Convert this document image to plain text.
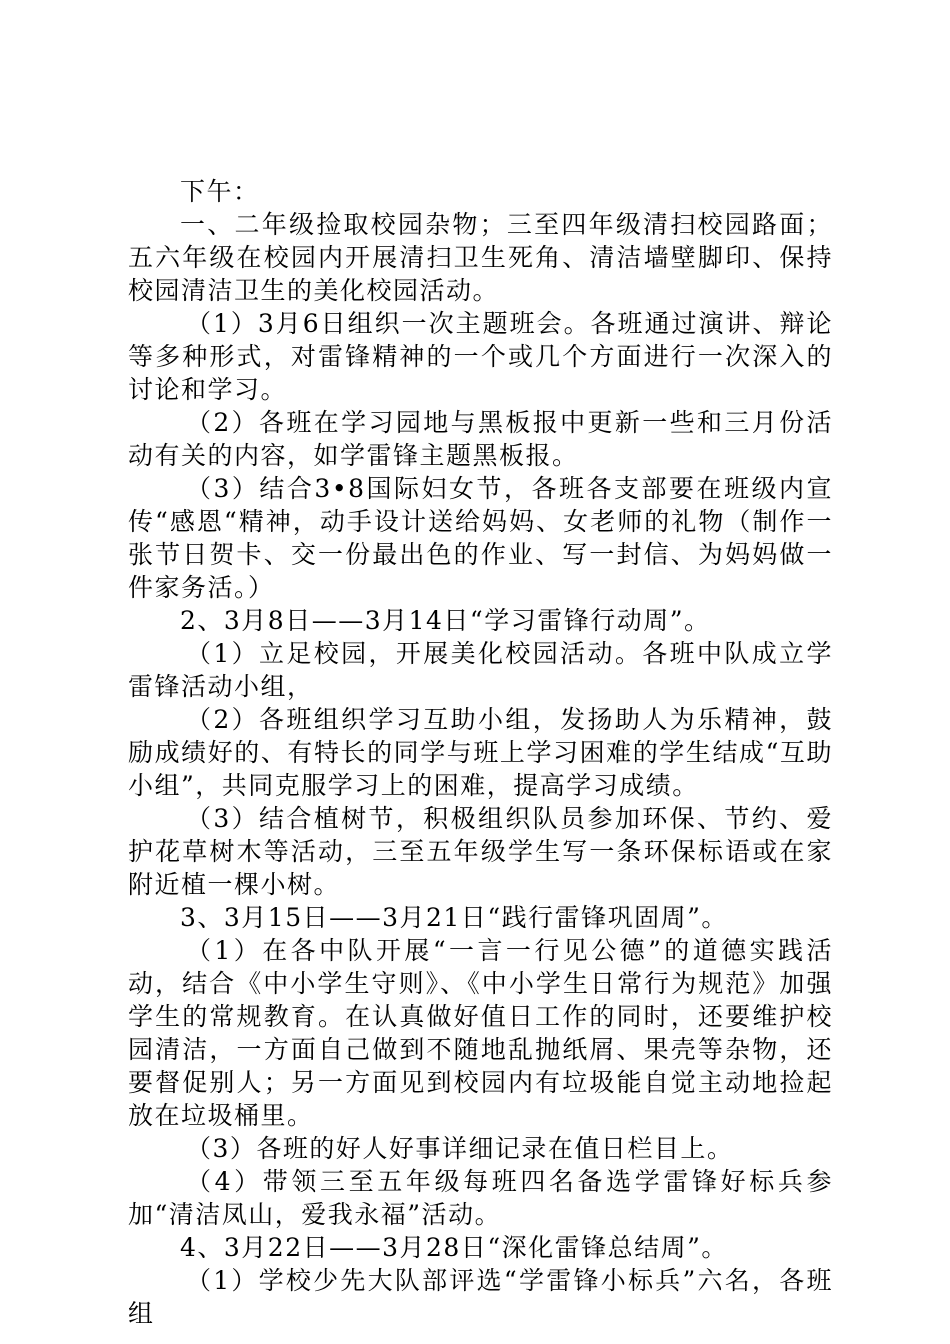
下午：

一、二年级捡取校园杂物；三至四年级清扫校园路面；五六年级在校园内开展清扫卫生死角、清洁墙壁脚印、保持校园清洁卫生的美化校园活动。

（1）3月6日组织一次主题班会。各班通过演讲、辩论等多种形式，对雷锋精神的一个或几个方面进行一次深入的讨论和学习。

（2）各班在学习园地与黑板报中更新一些和三月份活动有关的内容，如学雷锋主题黑板报。

（3）结合3•8国际妇女节，各班各支部要在班级内宣传“感恩“精神，动手设计送给妈妈、女老师的礼物（制作一张节日贺卡、交一份最出色的作业、写一封信、为妈妈做一件家务活。）

2、3月8日——3月14日“学习雷锋行动周”。

（1）立足校园，开展美化校园活动。各班中队成立学雷锋活动小组，

（2）各班组织学习互助小组，发扬助人为乐精神，鼓励成绩好的、有特长的同学与班上学习困难的学生结成“互助小组”，共同克服学习上的困难，提高学习成绩。

（3）结合植树节，积极组织队员参加环保、节约、爱护花草树木等活动，三至五年级学生写一条环保标语或在家附近植一棵小树。

3、3月15日——3月21日“践行雷锋巩固周”。

（1）在各中队开展“一言一行见公德”的道德实践活动，结合《中小学生守则》、《中小学生日常行为规范》加强学生的常规教育。在认真做好值日工作的同时，还要维护校园清洁，一方面自己做到不随地乱抛纸屑、果壳等杂物，还要督促别人；另一方面见到校园内有垃圾能自觉主动地捡起放在垃圾桶里。

（3）各班的好人好事详细记录在值日栏目上。

（4）带领三至五年级每班四名备选学雷锋好标兵参加“清洁凤山，爱我永福”活动。

4、3月22日——3月28日“深化雷锋总结周”。

（1）学校少先大队部评选“学雷锋小标兵”六名，各班组
